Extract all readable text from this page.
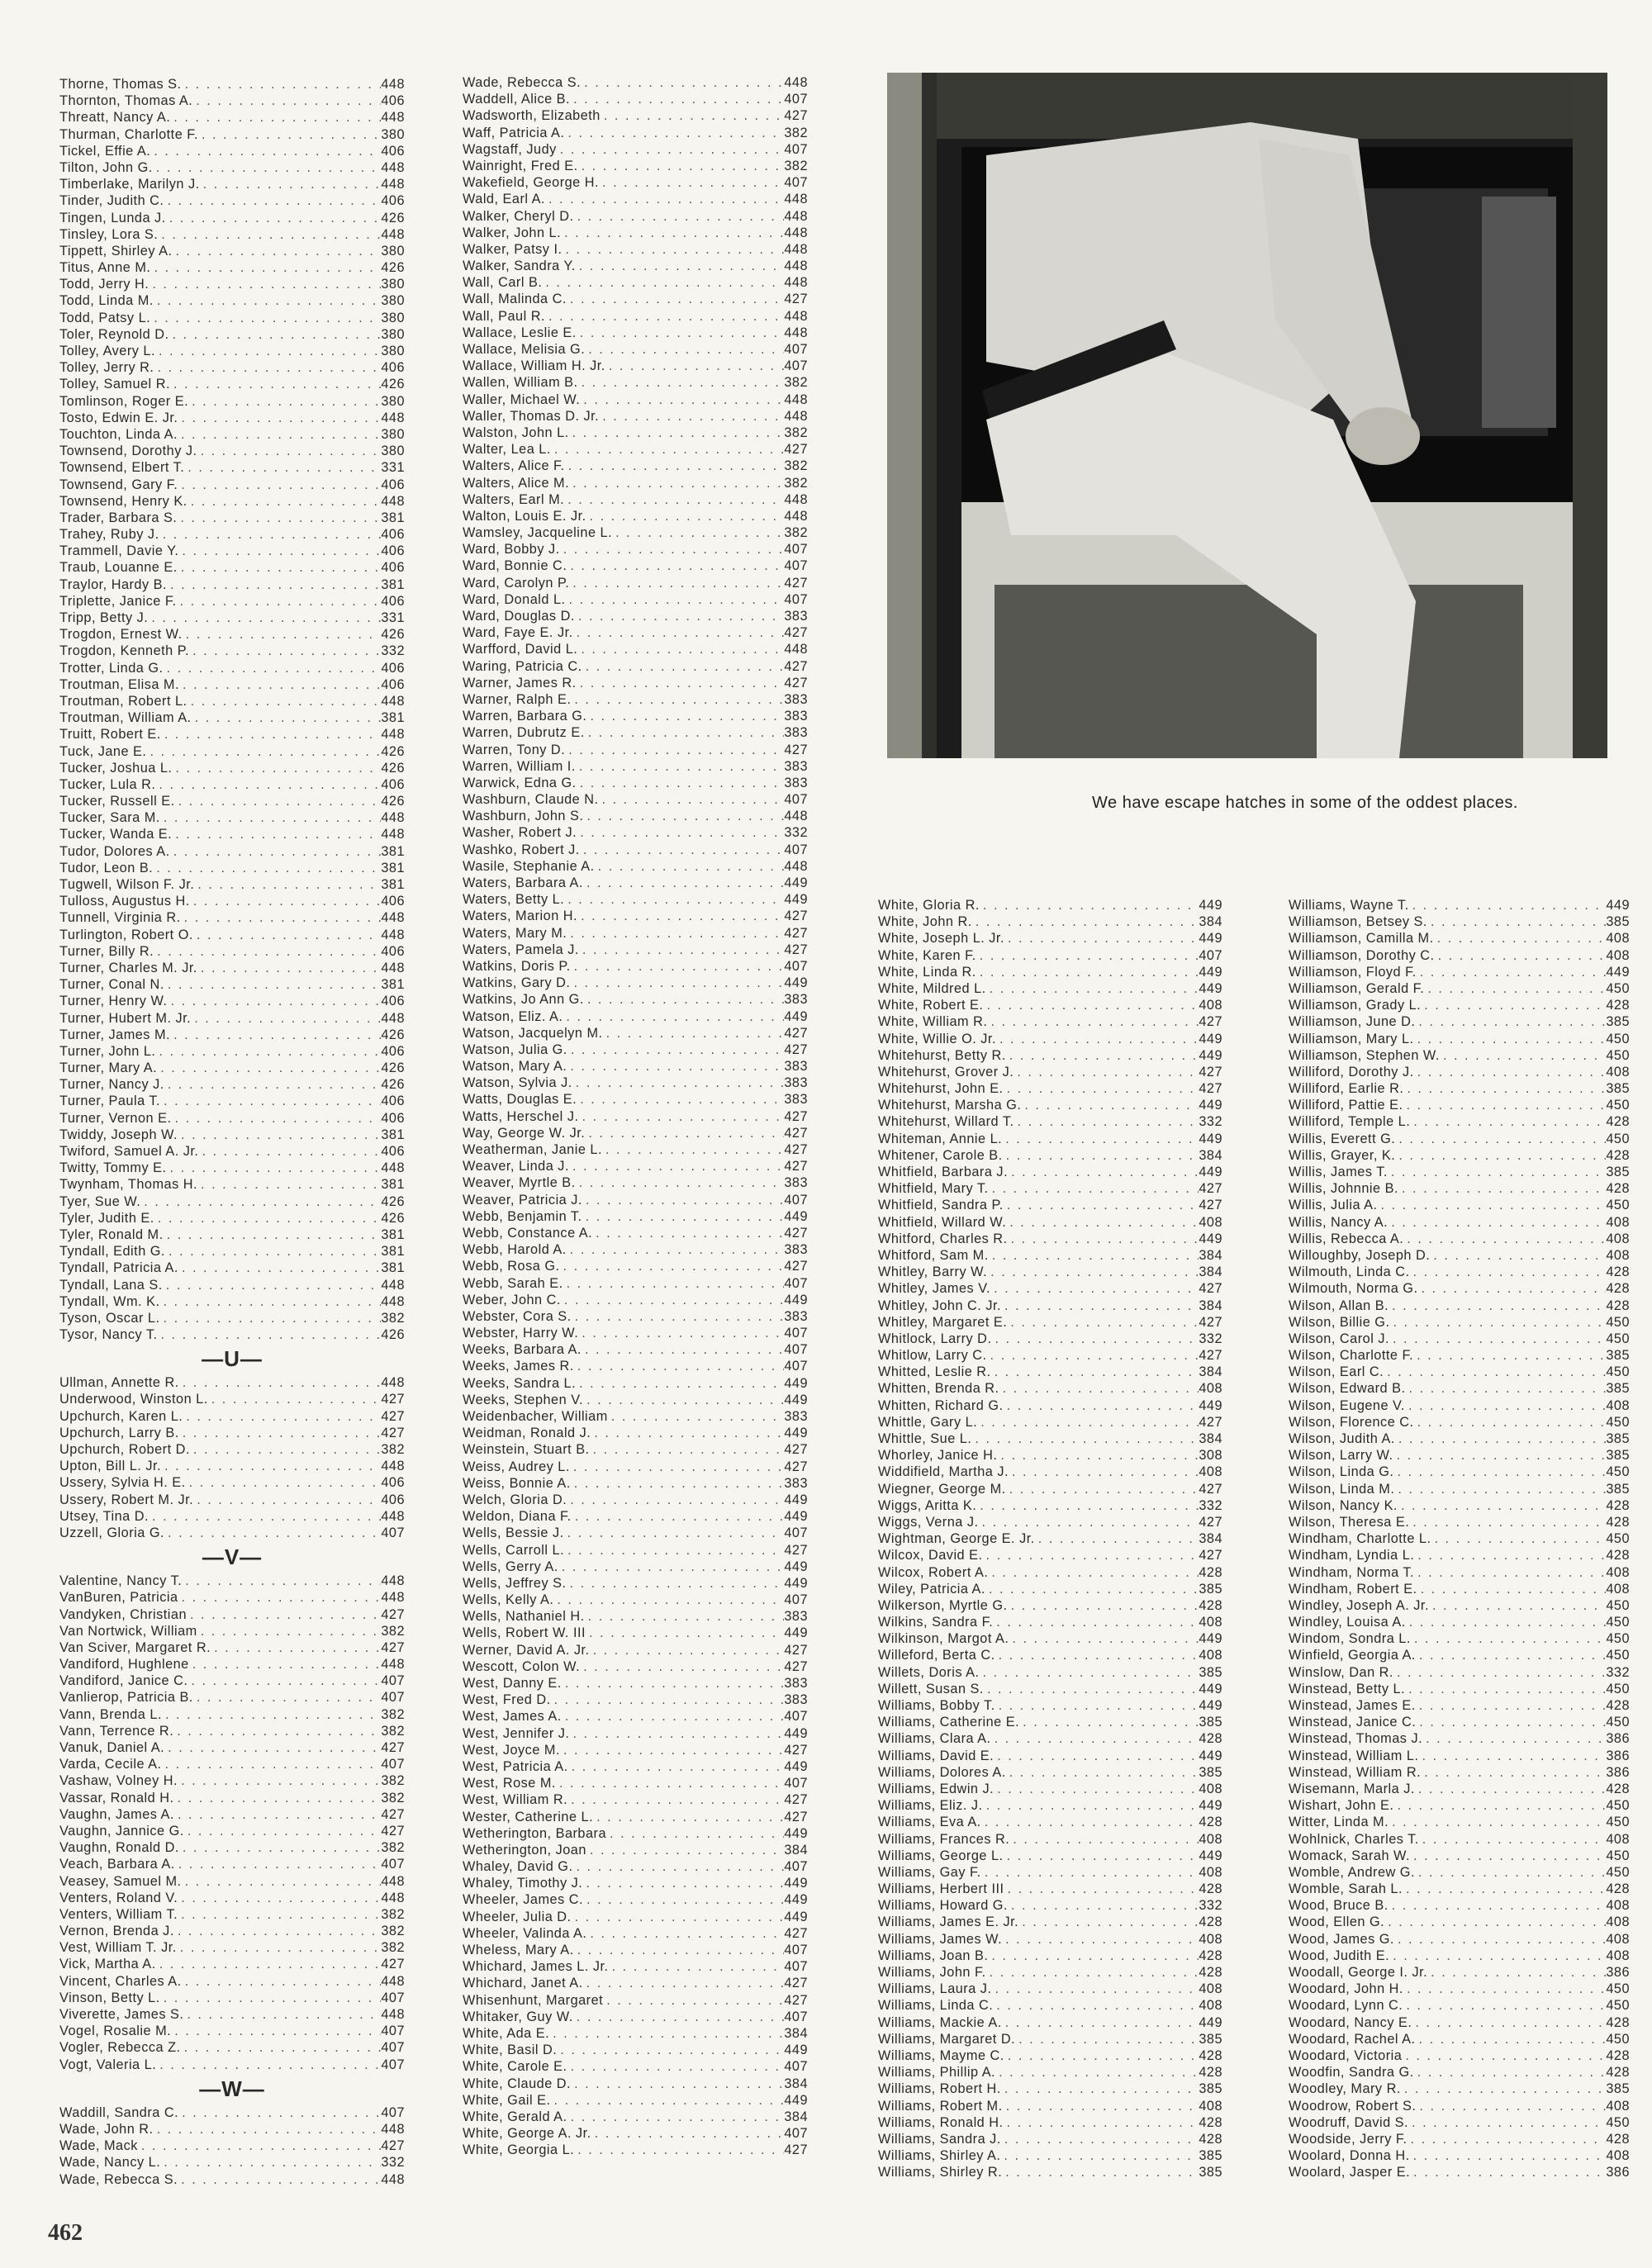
Thorne, Thomas S. . . .	448
Thornton, Thomas A. . . .	406
Threatt, Nancy A. . . .	448
Thurman, Charlotte F. . . .	380
Tickel, Effie A. . . .	406
Tilton, John G. . . .	448
Timberlake, Marilyn J. . . .	448
Tinder, Judith C. . . .	406
Tingen, Lunda J. . . .	426
Tinsley, Lora S. . . .	448
Tippett, Shirley A. . . .	380
Titus, Anne M. . . .	426
Todd, Jerry H. . . .	380
Todd, Linda M. . . .	380
Todd, Patsy L. . . .	380
Toler, Reynold D. . . .	380
Tolley, Avery L. . . .	380
Tolley, Jerry R. . . .	406
Tolley, Samuel R. . . .	426
Tomlinson, Roger E. . . .	380
Tosto, Edwin E. Jr. . . .	448
Touchton, Linda A. . . .	380
Townsend, Dorothy J. . . .	380
Townsend, Elbert T. . . .	331
Townsend, Gary F. . . .	406
Townsend, Henry K. . . .	448
Trader, Barbara S. . . .	381
Trahey, Ruby J. . . .	406
Trammell, Davie Y. . . .	406
Traub, Louanne E. . . .	406
Traylor, Hardy B. . . .	381
Triplette, Janice F. . . .	406
Tripp, Betty J. . . .	331
Trogdon, Ernest W. . . .	426
Trogdon, Kenneth P. . . .	332
Trotter, Linda G. . . .	406
Troutman, Elisa M. . . .	406
Troutman, Robert L. . . .	448
Troutman, William A. . . .	381
Truitt, Robert E. . . .	448
Tuck, Jane E. . . .	426
Tucker, Joshua L. . . .	426
Tucker, Lula R. . . .	406
Tucker, Russell E. . . .	426
Tucker, Sara M. . . .	448
Tucker, Wanda E. . . .	448
Tudor, Dolores A. . . .	381
Tudor, Leon B. . . .	381
Tugwell, Wilson F. Jr. . . .	381
Tulloss, Augustus H. . . .	406
Tunnell, Virginia R. . . .	448
Turlington, Robert O. . . .	448
Turner, Billy R. . . .	406
Turner, Charles M. Jr. . . .	448
Turner, Conal N. . . .	381
Turner, Henry W. . . .	406
Turner, Hubert M. Jr. . . .	448
Turner, James M. . . .	426
Turner, John L. . . .	406
Turner, Mary A. . . .	426
Turner, Nancy J. . . .	426
Turner, Paula T. . . .	406
Turner, Vernon E. . . .	406
Twiddy, Joseph W. . . .	381
Twiford, Samuel A. Jr. . . .	406
Twitty, Tommy E. . . .	448
Twynham, Thomas H. . . .	381
Tyer, Sue W. . . .	426
Tyler, Judith E. . . .	426
Tyler, Ronald M. . . .	381
Tyndall, Edith G. . . .	381
Tyndall, Patricia A. . . .	381
Tyndall, Lana S. . . .	448
Tyndall, Wm. K. . . .	448
Tyson, Oscar L. . . .	382
Tysor, Nancy T. . . .	426
—U—
Ullman, Annette R. . . .	448
Underwood, Winston L. . . .	427
Upchurch, Karen L. . . .	427
Upchurch, Larry B. . . .	427
Upchurch, Robert D. . . .	382
Upton, Bill L. Jr. . . .	448
Ussery, Sylvia H. E. . . .	406
Ussery, Robert M. Jr. . . .	406
Utsey, Tina D. . . .	448
Uzzell, Gloria G. . . .	407
—V—
Valentine, Nancy T. . . .	448
VanBuren, Patricia . . .	448
Vandyken, Christian . . .	427
Van Nortwick, William . . .	382
Van Sciver, Margaret R. . . .	427
Vandiford, Hughlene . . .	448
Vandiford, Janice C. . . .	407
Vanlierop, Patricia B. . . .	407
Vann, Brenda L. . . .	382
Vann, Terrence R. . . .	382
Vanuk, Daniel A. . . .	427
Varda, Cecile A. . . .	407
Vashaw, Volney H. . . .	382
Vassar, Ronald H. . . .	382
Vaughn, James A. . . .	427
Vaughn, Jannice G. . . .	427
Vaughn, Ronald D. . . .	382
Veach, Barbara A. . . .	407
Veasey, Samuel M. . . .	448
Venters, Roland V. . . .	448
Venters, William T. . . .	382
Vernon, Brenda J. . . .	382
Vest, William T. Jr. . . .	382
Vick, Martha A. . . .	427
Vincent, Charles A. . . .	448
Vinson, Betty L. . . .	407
Viverette, James S. . . .	448
Vogel, Rosalie M. . . .	407
Vogler, Rebecca Z. . . .	407
Vogt, Valeria L. . . .	407
—W—
Waddill, Sandra C. . . .	407
Wade, John R. . . .	448
Wade, Mack . . .	427
Wade, Nancy L. . . .	332
Wade, Rebecca S. . . .	448
Wade, Rebecca S. . . .	448
Waddell, Alice B. . . .	407
Wadsworth, Elizabeth . . .	427
Waff, Patricia A. . . .	382
Wagstaff, Judy . . .	407
Wainright, Fred E. . . .	382
Wakefield, George H. . . .	407
Wald, Earl A. . . .	448
Walker, Cheryl D. . . .	448
Walker, John L. . . .	448
Walker, Patsy I. . . .	448
Walker, Sandra Y. . . .	448
Wall, Carl B. . . .	448
Wall, Malinda C. . . .	427
Wall, Paul R. . . .	448
Wallace, Leslie E. . . .	448
Wallace, Melisia G. . . .	407
Wallace, William H. Jr. . . .	407
Wallen, William B. . . .	382
Waller, Michael W. . . .	448
Waller, Thomas D. Jr. . . .	448
Walston, John L. . . .	382
Walter, Lea L. . . .	427
Walters, Alice F. . . .	382
Walters, Alice M. . . .	382
Walters, Earl M. . . .	448
Walton, Louis E. Jr. . . .	448
Wamsley, Jacqueline L. . . .	382
Ward, Bobby J. . . .	407
Ward, Bonnie C. . . .	407
Ward, Carolyn P. . . .	427
Ward, Donald L. . . .	407
Ward, Douglas D. . . .	383
Ward, Faye E. Jr. . . .	427
Warfford, David L. . . .	448
Waring, Patricia C. . . .	427
Warner, James R. . . .	427
Warner, Ralph E. . . .	383
Warren, Barbara G. . . .	383
Warren, Dubrutz E. . . .	383
Warren, Tony D. . . .	427
Warren, William I. . . .	383
Warwick, Edna G. . . .	383
Washburn, Claude N. . . .	407
Washburn, John S. . . .	448
Washer, Robert J. . . .	332
Washko, Robert J. . . .	407
Wasile, Stephanie A. . . .	448
Waters, Barbara A. . . .	449
Waters, Betty L. . . .	449
Waters, Marion H. . . .	427
Waters, Mary M. . . .	427
Waters, Pamela J. . . .	427
Watkins, Doris P. . . .	407
Watkins, Gary D. . . .	449
Watkins, Jo Ann G. . . .	383
Watson, Eliz. A. . . .	449
Watson, Jacquelyn M. . . .	427
Watson, Julia G. . . .	427
Watson, Mary A. . . .	383
Watson, Sylvia J. . . .	383
Watts, Douglas E. . . .	383
Watts, Herschel J. . . .	427
Way, George W. Jr. . . .	427
Weatherman, Janie L. . . .	427
Weaver, Linda J. . . .	427
Weaver, Myrtle B. . . .	383
Weaver, Patricia J. . . .	407
Webb, Benjamin T. . . .	449
Webb, Constance A. . . .	427
Webb, Harold A. . . .	383
Webb, Rosa G. . . .	427
Webb, Sarah E. . . .	407
Weber, John C. . . .	449
Webster, Cora S. . . .	383
Webster, Harry W. . . .	407
Weeks, Barbara A. . . .	407
Weeks, James R. . . .	407
Weeks, Sandra L. . . .	449
Weeks, Stephen V. . . .	449
Weidenbacher, William . . .	383
Weidman, Ronald J. . . .	449
Weinstein, Stuart B. . . .	427
Weiss, Audrey L. . . .	427
Weiss, Bonnie A. . . .	383
Welch, Gloria D. . . .	449
Weldon, Diana F. . . .	449
Wells, Bessie J. . . .	407
Wells, Carroll L. . . .	427
Wells, Gerry A. . . .	449
Wells, Jeffrey S. . . .	449
Wells, Kelly A. . . .	407
Wells, Nathaniel H. . . .	383
Wells, Robert W. III . . .	449
Werner, David A. Jr. . . .	427
Wescott, Colon W. . . .	427
West, Danny E. . . .	383
West, Fred D. . . .	383
West, James A. . . .	407
West, Jennifer J. . . .	449
West, Joyce M. . . .	427
West, Patricia A. . . .	449
West, Rose M. . . .	407
West, William R. . . .	427
Wester, Catherine L. . . .	427
Wetherington, Barbara . . .	449
Wetherington, Joan . . .	384
Whaley, David G. . . .	407
Whaley, Timothy J. . . .	449
Wheeler, James C. . . .	449
Wheeler, Julia D. . . .	449
Wheeler, Valinda A. . . .	427
Wheless, Mary A. . . .	407
Whichard, James L. Jr. . . .	407
Whichard, Janet A. . . .	427
Whisenhunt, Margaret . . .	427
Whitaker, Guy W. . . .	407
White, Ada E. . . .	384
White, Basil D. . . .	449
White, Carole E. . . .	407
White, Claude D. . . .	384
White, Gail E. . . .	449
White, Gerald A. . . .	384
White, George A. Jr. . . .	407
White, Georgia L. . . .	427
White, Gloria R. . . .	449
White, John R. . . .	384
White, Joseph L. Jr. . . .	449
White, Karen F. . . .	407
White, Linda R. . . .	449
White, Mildred L. . . .	449
White, Robert E. . . .	408
White, William R. . . .	427
White, Willie O. Jr. . . .	449
Whitehurst, Betty R. . . .	449
Whitehurst, Grover J. . . .	427
Whitehurst, John E. . . .	427
Whitehurst, Marsha G. . . .	449
Whitehurst, Willard T. . . .	332
Whiteman, Annie L. . . .	449
Whitener, Carole B. . . .	384
Whitfield, Barbara J. . . .	449
Whitfield, Mary T. . . .	427
Whitfield, Sandra P. . . .	427
Whitfield, Willard W. . . .	408
Whitford, Charles R. . . .	449
Whitford, Sam M. . . .	384
Whitley, Barry W. . . .	384
Whitley, James V. . . .	427
Whitley, John C. Jr. . . .	384
Whitley, Margaret E. . . .	427
Whitlock, Larry D. . . .	332
Whitlow, Larry C. . . .	427
Whitted, Leslie R. . . .	384
Whitten, Brenda R. . . .	408
Whitten, Richard G. . . .	449
Whittle, Gary L. . . .	427
Whittle, Sue L. . . .	384
Whorley, Janice H. . . .	308
Widdifield, Martha J. . . .	408
Wiegner, George M. . . .	427
Wiggs, Aritta K. . . .	332
Wiggs, Verna J. . . .	427
Wightman, George E. Jr. . . .	384
Wilcox, David E. . . .	427
Wilcox, Robert A. . . .	428
Wiley, Patricia A. . . .	385
Wilkerson, Myrtle G. . . .	428
Wilkins, Sandra F. . . .	408
Wilkinson, Margot A. . . .	449
Willeford, Berta C. . . .	408
Willets, Doris A. . . .	385
Willett, Susan S. . . .	449
Williams, Bobby T. . . .	449
Williams, Catherine E. . . .	385
Williams, Clara A. . . .	428
Williams, David E. . . .	449
Williams, Dolores A. . . .	385
Williams, Edwin J. . . .	408
Williams, Eliz. J. . . .	449
Williams, Eva A. . . .	428
Williams, Frances R. . . .	408
Williams, George L. . . .	449
Williams, Gay F. . . .	408
Williams, Herbert III . . .	428
Williams, Howard G. . . .	332
Williams, James E. Jr. . . .	428
Williams, James W. . . .	408
Williams, Joan B. . . .	428
Williams, John F. . . .	428
Williams, Laura J. . . .	408
Williams, Linda C. . . .	408
Williams, Mackie A. . . .	449
Williams, Margaret D. . . .	385
Williams, Mayme C. . . .	428
Williams, Phillip A. . . .	428
Williams, Robert H. . . .	385
Williams, Robert M. . . .	408
Williams, Ronald H. . . .	428
Williams, Sandra J. . . .	428
Williams, Shirley A. . . .	385
Williams, Shirley R. . . .	385
Williams, Wayne T. . . .	449
Williamson, Betsey S. . . .	385
Williamson, Camilla M. . . .	408
Williamson, Dorothy C. . . .	408
Williamson, Floyd F. . . .	449
Williamson, Gerald F. . . .	450
Williamson, Grady L. . . .	428
Williamson, June D. . . .	385
Williamson, Mary L. . . .	450
Williamson, Stephen W. . . .	450
Williford, Dorothy J. . . .	408
Williford, Earlie R. . . .	385
Williford, Pattie E. . . .	450
Williford, Temple L. . . .	428
Willis, Everett G. . . .	450
Willis, Grayer, K. . . .	428
Willis, James T. . . .	385
Willis, Johnnie B. . . .	428
Willis, Julia A. . . .	450
Willis, Nancy A. . . .	408
Willis, Rebecca A. . . .	408
Willoughby, Joseph D. . . .	408
Wilmouth, Linda C. . . .	428
Wilmouth, Norma G. . . .	428
Wilson, Allan B. . . .	428
Wilson, Billie G. . . .	450
Wilson, Carol J. . . .	450
Wilson, Charlotte F. . . .	385
Wilson, Earl C. . . .	450
Wilson, Edward B. . . .	385
Wilson, Eugene V. . . .	408
Wilson, Florence C. . . .	450
Wilson, Judith A. . . .	385
Wilson, Larry W. . . .	385
Wilson, Linda G. . . .	450
Wilson, Linda M. . . .	385
Wilson, Nancy K. . . .	428
Wilson, Theresa E. . . .	428
Windham, Charlotte L. . . .	450
Windham, Lyndia L. . . .	428
Windham, Norma T. . . .	408
Windham, Robert E. . . .	408
Windley, Joseph A. Jr. . . .	450
Windley, Louisa A. . . .	450
Windom, Sondra L. . . .	450
Winfield, Georgia A. . . .	450
Winslow, Dan R. . . .	332
Winstead, Betty L. . . .	450
Winstead, James E. . . .	428
Winstead, Janice C. . . .	450
Winstead, Thomas J. . . .	386
Winstead, William L. . . .	386
Winstead, William R. . . .	386
Wisemann, Marla J. . . .	428
Wishart, John E. . . .	450
Witter, Linda M. . . .	450
Wohlnick, Charles T. . . .	408
Womack, Sarah W. . . .	450
Womble, Andrew G. . . .	450
Womble, Sarah L. . . .	428
Wood, Bruce B. . . .	408
Wood, Ellen G. . . .	408
Wood, James G. . . .	408
Wood, Judith E. . . .	408
Woodall, George I. Jr. . . .	386
Woodard, John H. . . .	450
Woodard, Lynn C. . . .	450
Woodard, Nancy E. . . .	428
Woodard, Rachel A. . . .	450
Woodard, Victoria . . .	428
Woodfin, Sandra G. . . .	428
Woodley, Mary R. . . .	385
Woodrow, Robert S. . . .	408
Woodruff, David S. . . .	450
Woodside, Jerry F. . . .	428
Woolard, Donna H. . . .	408
Woolard, Jasper E. . . .	386
We have escape hatches in some of the oddest places.
462
